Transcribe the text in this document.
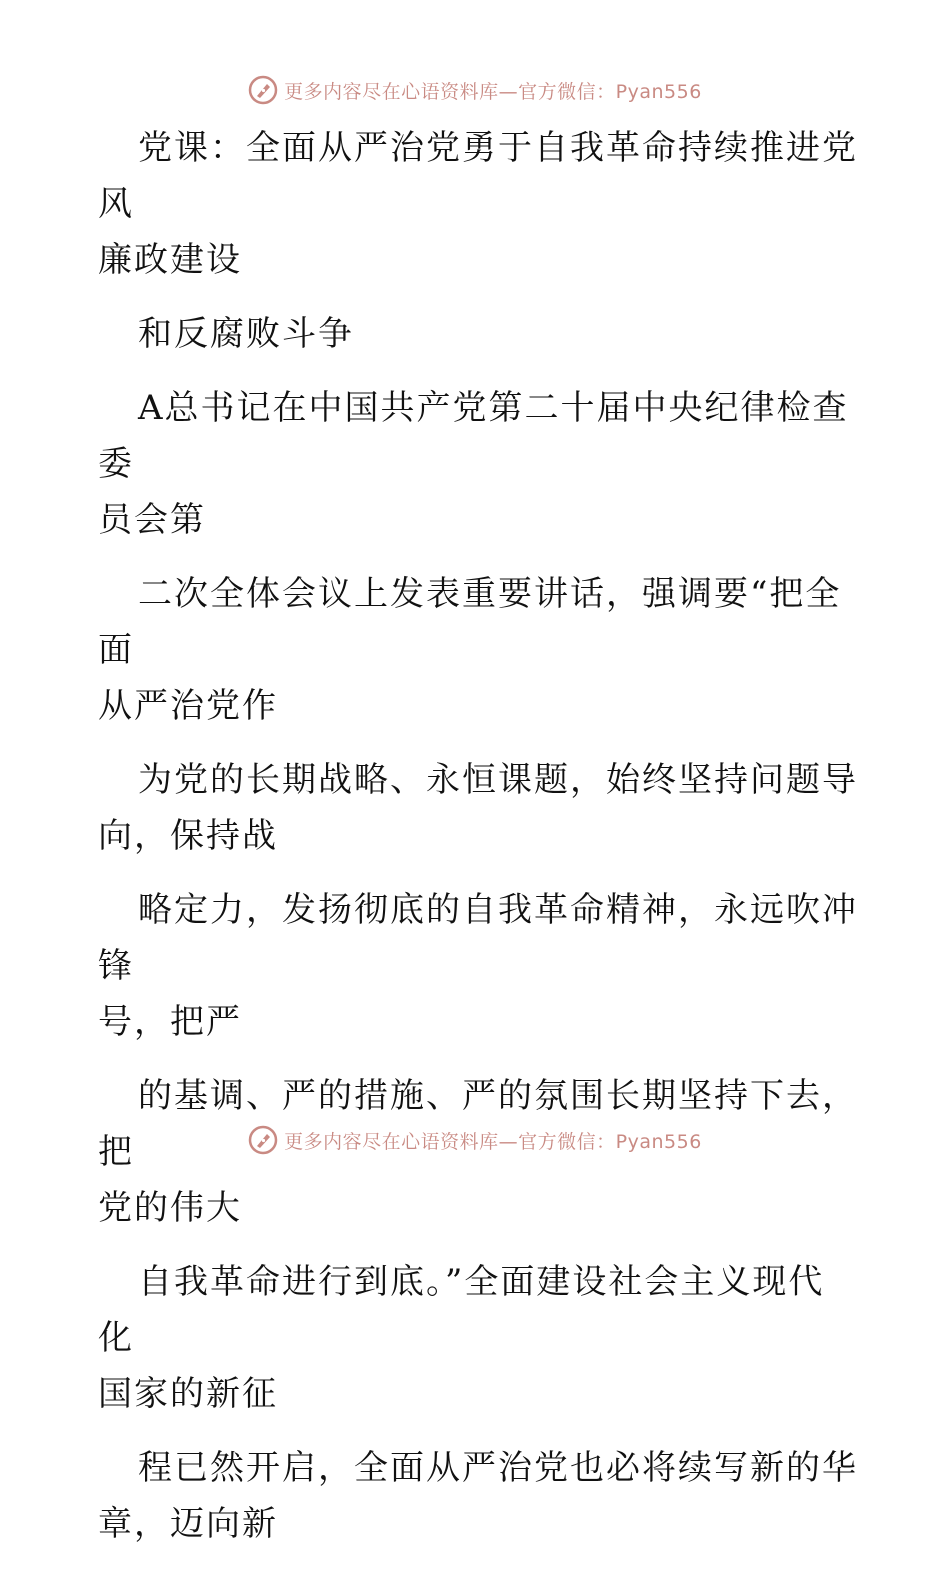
更多内容尽在心语资料库—官方微信：Pyan556

党课：全面从严治党勇于自我革命持续推进党风
廉政建设

和反腐败斗争

A总书记在中国共产党第二十届中央纪律检查委
员会第

二次全体会议上发表重要讲话，强调要“把全面
从严治党作

为党的长期战略、永恒课题，始终坚持问题导
向，保持战

略定力，发扬彻底的自我革命精神，永远吹冲锋
号，把严

的基调、严的措施、严的氛围长期坚持下去，把
党的伟大

自我革命进行到底。”全面建设社会主义现代化
国家的新征

程已然开启，全面从严治党也必将续写新的华
章，迈向新

更多内容尽在心语资料库—官方微信：Pyan556
